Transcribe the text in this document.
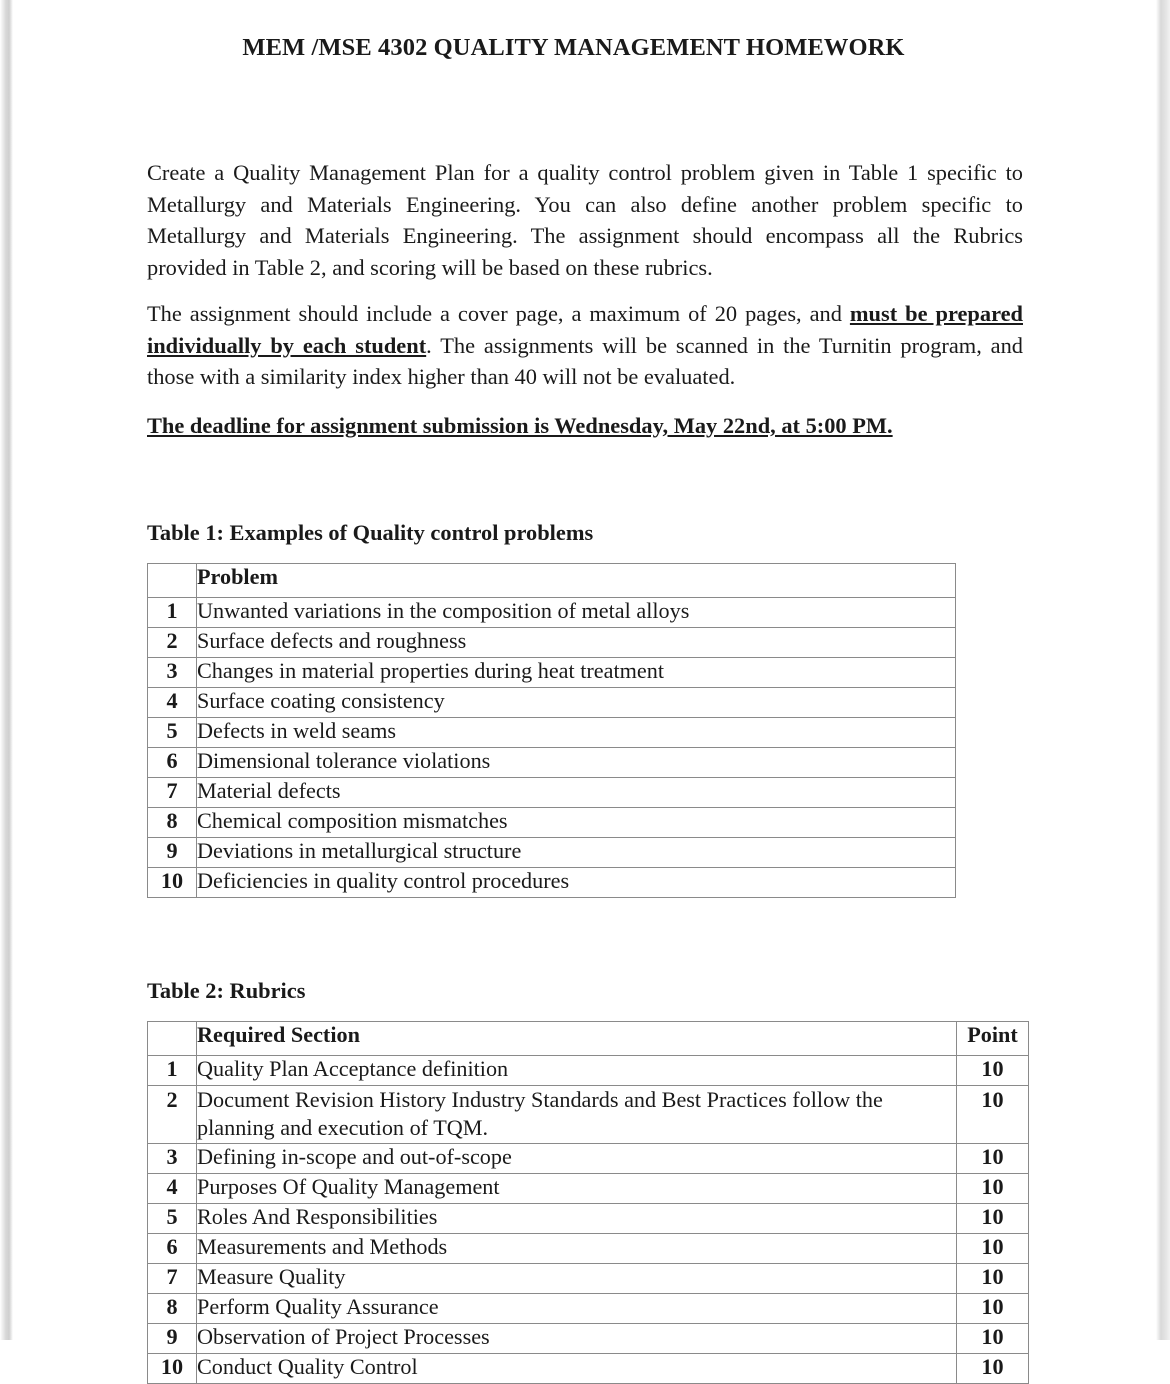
MEM /MSE 4302 QUALITY MANAGEMENT HOMEWORK

Create a Quality Management Plan for a quality control problem given in Table 1 specific to Metallurgy and Materials Engineering. You can also define another problem specific to Metallurgy and Materials Engineering. The assignment should encompass all the Rubrics provided in Table 2, and scoring will be based on these rubrics.

The assignment should include a cover page, a maximum of 20 pages, and must be prepared individually by each student. The assignments will be scanned in the Turnitin program, and those with a similarity index higher than 40 will not be evaluated.

The deadline for assignment submission is Wednesday, May 22nd, at 5:00 PM.

Table 1: Examples of Quality control problems

	Problem
1	Unwanted variations in the composition of metal alloys
2	Surface defects and roughness
3	Changes in material properties during heat treatment
4	Surface coating consistency
5	Defects in weld seams
6	Dimensional tolerance violations
7	Material defects
8	Chemical composition mismatches
9	Deviations in metallurgical structure
10	Deficiencies in quality control procedures

Table 2: Rubrics

	Required Section	Point
1	Quality Plan Acceptance definition	10
2	Document Revision History Industry Standards and Best Practices follow the planning and execution of TQM.	10
3	Defining in-scope and out-of-scope	10
4	Purposes Of Quality Management	10
5	Roles And Responsibilities	10
6	Measurements and Methods	10
7	Measure Quality	10
8	Perform Quality Assurance	10
9	Observation of Project Processes	10
10	Conduct Quality Control	10
